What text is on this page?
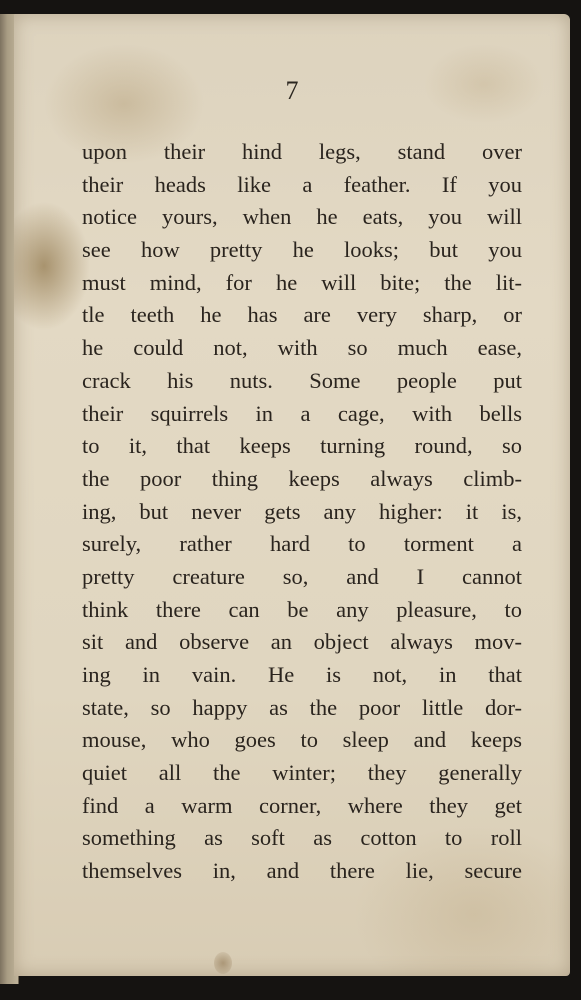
7

upon their hind legs, stand over

their heads like a feather. If you

notice yours, when he eats, you will

see how pretty he looks; but you

must mind, for he will bite; the lit-

tle teeth he has are very sharp, or

he could not, with so much ease,

crack his nuts. Some people put

their squirrels in a cage, with bells

to it, that keeps turning round, so

the poor thing keeps always climb-

ing, but never gets any higher: it is,

surely, rather hard to torment a

pretty creature so, and I cannot

think there can be any pleasure, to

sit and observe an object always mov-

ing in vain. He is not, in that

state, so happy as the poor little dor-

mouse, who goes to sleep and keeps

quiet all the winter; they generally

find a warm corner, where they get

something as soft as cotton to roll

themselves in, and there lie, secure
